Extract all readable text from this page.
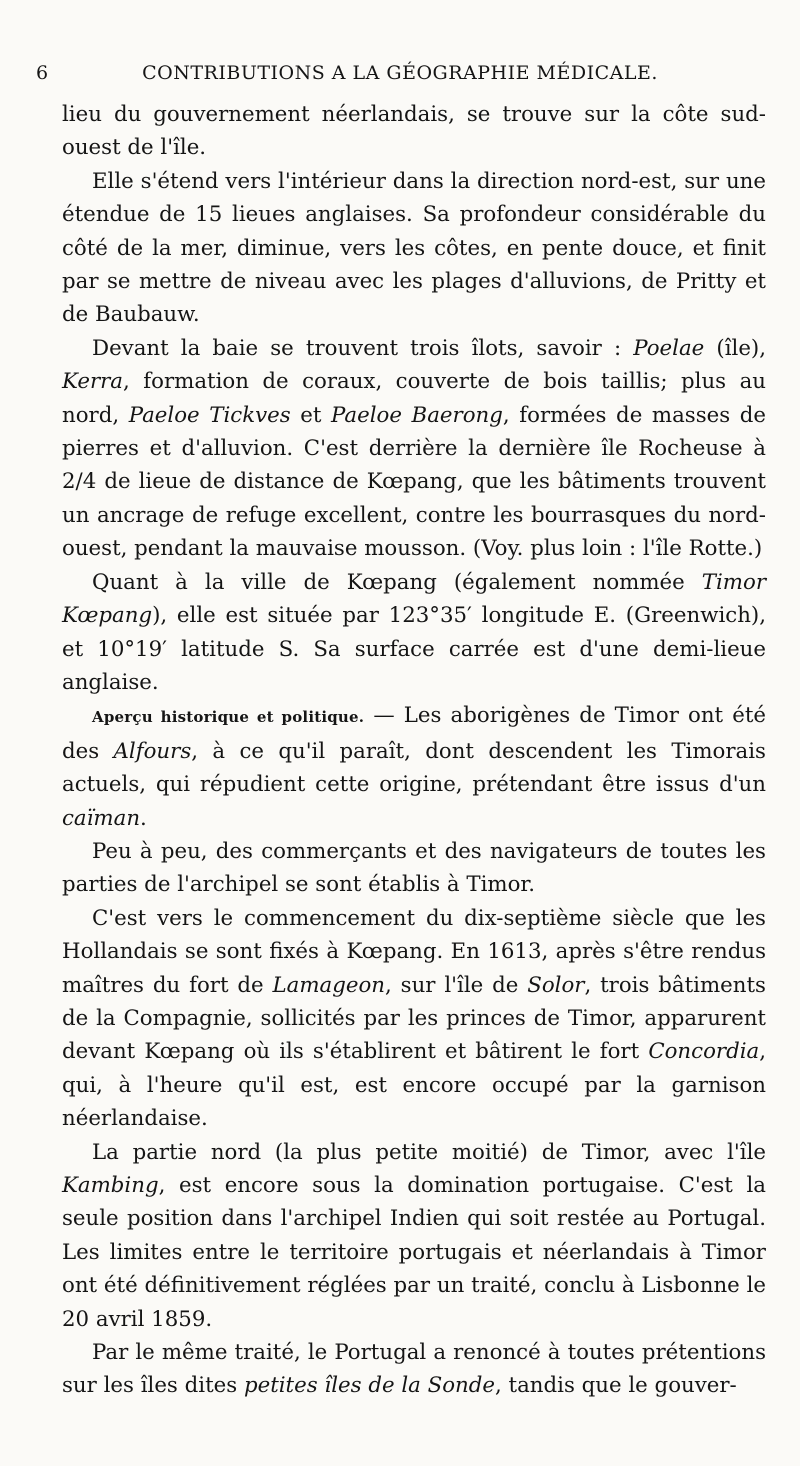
6	CONTRIBUTIONS A LA GÉOGRAPHIE MÉDICALE.

lieu du gouvernement néerlandais, se trouve sur la côte sud-ouest de l'île.

Elle s'étend vers l'intérieur dans la direction nord-est, sur une étendue de 15 lieues anglaises. Sa profondeur considérable du côté de la mer, diminue, vers les côtes, en pente douce, et finit par se mettre de niveau avec les plages d'alluvions, de Pritty et de Baubauw.

Devant la baie se trouvent trois îlots, savoir : Poelae (île), Kerra, formation de coraux, couverte de bois taillis; plus au nord, Paeloe Tickves et Paeloe Baerong, formées de masses de pierres et d'alluvion. C'est derrière la dernière île Rocheuse à 2/4 de lieue de distance de Kœpang, que les bâtiments trouvent un ancrage de refuge excellent, contre les bourrasques du nord-ouest, pendant la mauvaise mousson. (Voy. plus loin : l'île Rotte.)

Quant à la ville de Kœpang (également nommée Timor Kœpang), elle est située par 123°35′ longitude E. (Greenwich), et 10°19′ latitude S. Sa surface carrée est d'une demi-lieue anglaise.

Aperçu historique et politique. — Les aborigènes de Timor ont été des Alfours, à ce qu'il paraît, dont descendent les Timorais actuels, qui répudient cette origine, prétendant être issus d'un caïman.

Peu à peu, des commerçants et des navigateurs de toutes les parties de l'archipel se sont établis à Timor.

C'est vers le commencement du dix-septième siècle que les Hollandais se sont fixés à Kœpang. En 1613, après s'être rendus maîtres du fort de Lamageon, sur l'île de Solor, trois bâtiments de la Compagnie, sollicités par les princes de Timor, apparurent devant Kœpang où ils s'établirent et bâtirent le fort Concordia, qui, à l'heure qu'il est, est encore occupé par la garnison néerlandaise.

La partie nord (la plus petite moitié) de Timor, avec l'île Kambing, est encore sous la domination portugaise. C'est la seule position dans l'archipel Indien qui soit restée au Portugal. Les limites entre le territoire portugais et néerlandais à Timor ont été définitivement réglées par un traité, conclu à Lisbonne le 20 avril 1859.

Par le même traité, le Portugal a renoncé à toutes prétentions sur les îles dites petites îles de la Sonde, tandis que le gouver-
